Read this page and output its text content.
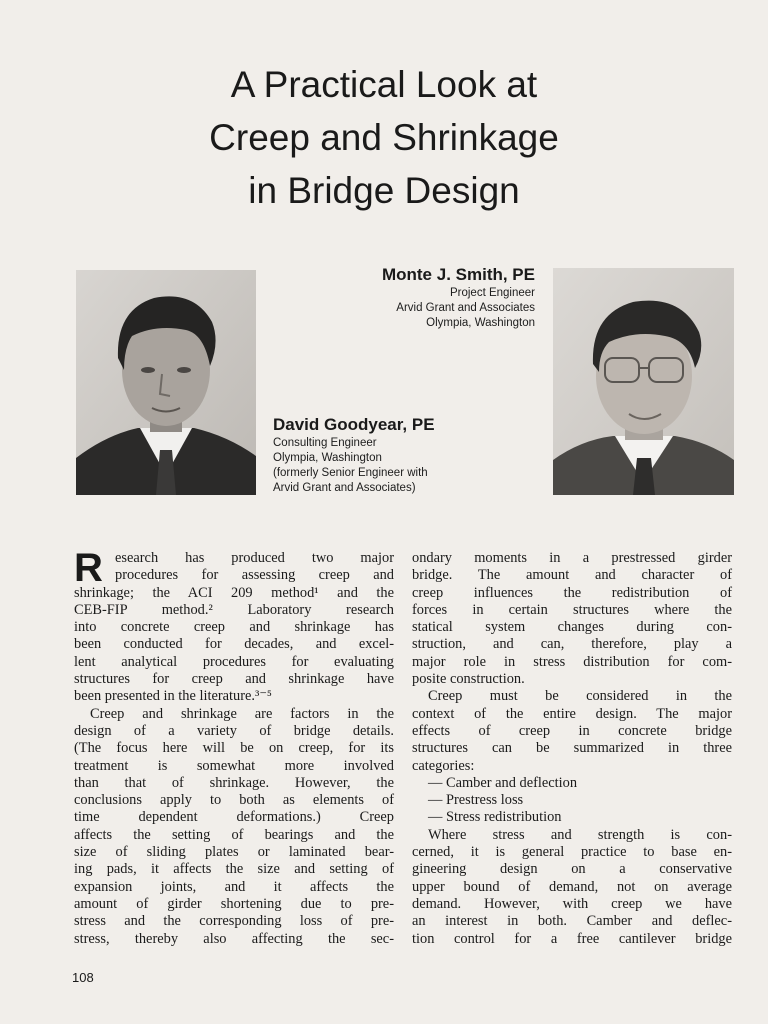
A Practical Look at
Creep and Shrinkage
in Bridge Design
Monte J. Smith, PE
Project Engineer
Arvid Grant and Associates
Olympia, Washington
David Goodyear, PE
Consulting Engineer
Olympia, Washington
(formerly Senior Engineer with
Arvid Grant and Associates)
R esearch has produced two major
procedures for assessing creep and
shrinkage; the ACI 209 method¹ and the
CEB-FIP method.² Laboratory research
into concrete creep and shrinkage has
been conducted for decades, and excel-
lent analytical procedures for evaluating
structures for creep and shrinkage have
been presented in the literature.³⁻⁵
Creep and shrinkage are factors in the
design of a variety of bridge details.
(The focus here will be on creep, for its
treatment is somewhat more involved
than that of shrinkage. However, the
conclusions apply to both as elements of
time dependent deformations.) Creep
affects the setting of bearings and the
size of sliding plates or laminated bear-
ing pads, it affects the size and setting of
expansion joints, and it affects the
amount of girder shortening due to pre-
stress and the corresponding loss of pre-
stress, thereby also affecting the sec-
ondary moments in a prestressed girder
bridge. The amount and character of
creep influences the redistribution of
forces in certain structures where the
statical system changes during con-
struction, and can, therefore, play a
major role in stress distribution for com-
posite construction.
Creep must be considered in the
context of the entire design. The major
effects of creep in concrete bridge
structures can be summarized in three
categories:
— Camber and deflection
— Prestress loss
— Stress redistribution
Where stress and strength is con-
cerned, it is general practice to base en-
gineering design on a conservative
upper bound of demand, not on average
demand. However, with creep we have
an interest in both. Camber and deflec-
tion control for a free cantilever bridge
108
